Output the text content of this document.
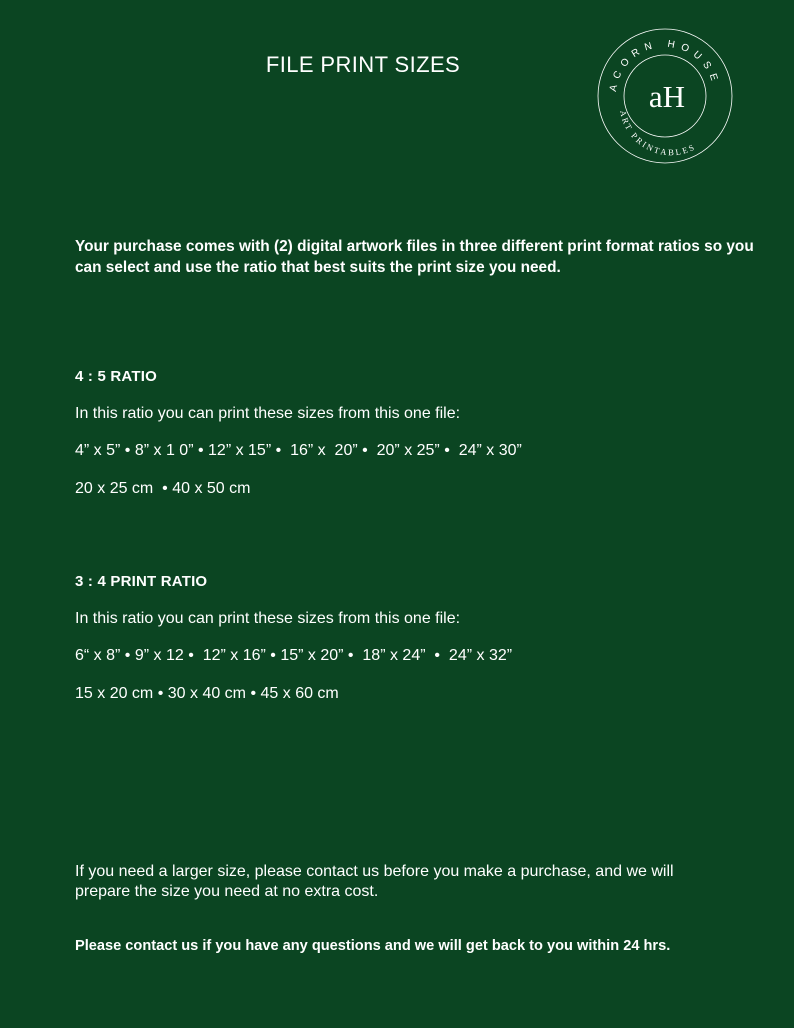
FILE PRINT SIZES
ACORN HOUSE
ART PRINTABLES
aH

Your purchase comes with (2) digital artwork files in three different print format ratios so you can select and use the ratio that best suits the print size you need.

4 : 5 RATIO

In this ratio you can print these sizes from this one file:

4” x 5” • 8” x 1 0” • 12” x 15” •  16” x  20” •  20” x 25” •  24” x 30”

20 x 25 cm  • 40 x 50 cm

3 : 4 PRINT RATIO

In this ratio you can print these sizes from this one file:

6“ x 8” • 9” x 12 •  12” x 16” • 15” x 20” •  18” x 24”  •  24” x 32”

15 x 20 cm • 30 x 40 cm • 45 x 60 cm

If you need a larger size, please contact us before you make a purchase, and we will prepare the size you need at no extra cost.

Please contact us if you have any questions and we will get back to you within 24 hrs.
